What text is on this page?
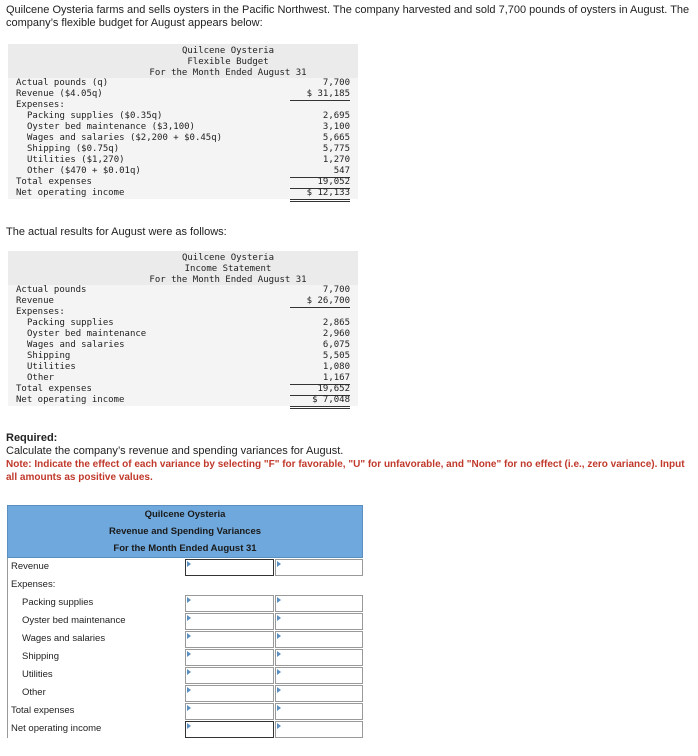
Quilcene Oysteria farms and sells oysters in the Pacific Northwest. The company harvested and sold 7,700 pounds of oysters in August. The company’s flexible budget for August appears below:
Quilcene Oysteria
Flexible Budget
For the Month Ended August 31
Actual pounds (q)	7,700
Revenue ($4.05q)	$ 31,185
Expenses:
Packing supplies ($0.35q)	2,695
Oyster bed maintenance ($3,100)	3,100
Wages and salaries ($2,200 + $0.45q)	5,665
Shipping ($0.75q)	5,775
Utilities ($1,270)	1,270
Other ($470 + $0.01q)	547
Total expenses	19,052
Net operating income	$ 12,133
The actual results for August were as follows:
Quilcene Oysteria
Income Statement
For the Month Ended August 31
Actual pounds	7,700
Revenue	$ 26,700
Expenses:
Packing supplies	2,865
Oyster bed maintenance	2,960
Wages and salaries	6,075
Shipping	5,505
Utilities	1,080
Other	1,167
Total expenses	19,652
Net operating income	$ 7,048
Required:
Calculate the company’s revenue and spending variances for August.
Note: Indicate the effect of each variance by selecting "F" for favorable, "U" for unfavorable, and "None" for no effect (i.e., zero variance). Input all amounts as positive values.
Quilcene Oysteria
Revenue and Spending Variances
For the Month Ended August 31
Revenue
Expenses:
Packing supplies
Oyster bed maintenance
Wages and salaries
Shipping
Utilities
Other
Total expenses
Net operating income
